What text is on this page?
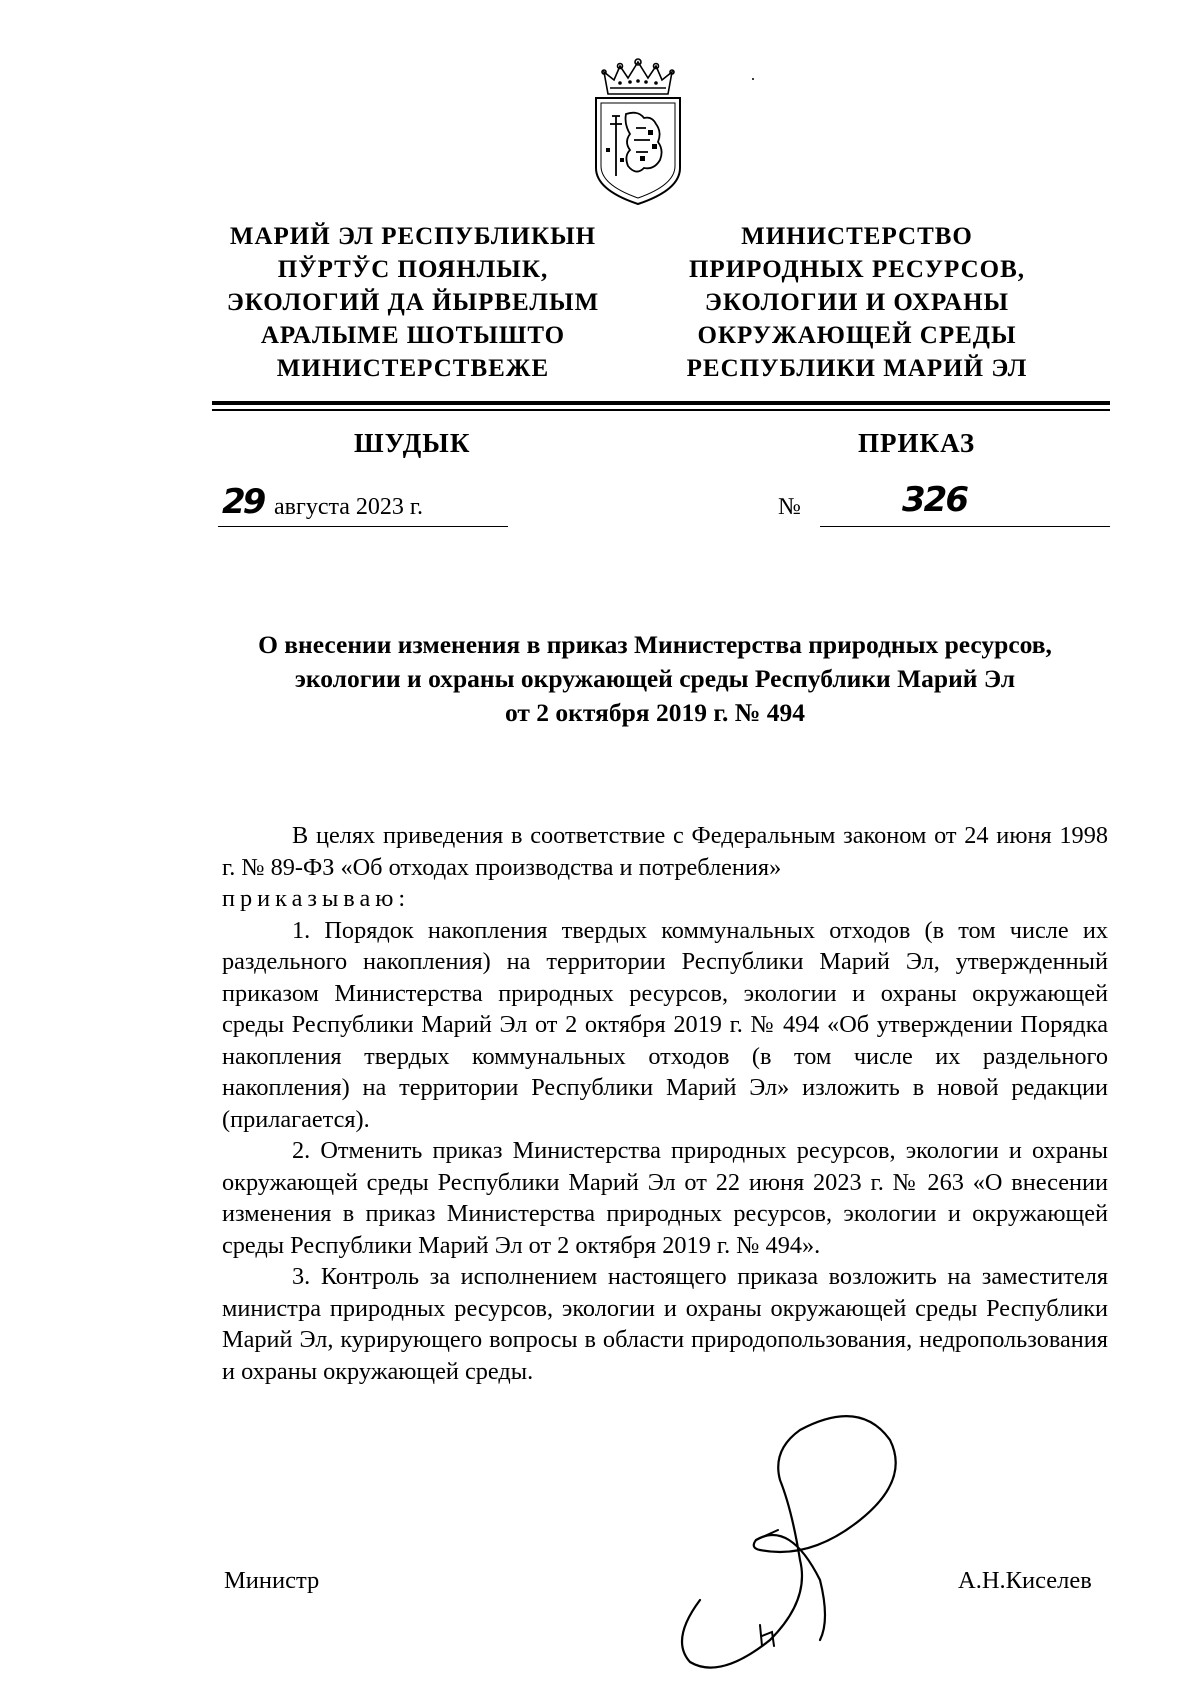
МАРИЙ ЭЛ РЕСПУБЛИКЫН
ПЎРТЎС ПОЯНЛЫК,
ЭКОЛОГИЙ ДА ЙЫРВЕЛЫМ
АРАЛЫМЕ ШОТЫШТО
МИНИСТЕРСТВЕЖЕ
МИНИСТЕРСТВО
ПРИРОДНЫХ РЕСУРСОВ,
ЭКОЛОГИИ И ОХРАНЫ
ОКРУЖАЮЩЕЙ СРЕДЫ
РЕСПУБЛИКИ МАРИЙ ЭЛ
ШУДЫК	ПРИКАЗ
29 августа 2023 г.	№	326
О внесении изменения в приказ Министерства природных ресурсов,
экологии и охраны окружающей среды Республики Марий Эл
от 2 октября 2019 г. № 494

В целях приведения в соответствие с Федеральным законом от 24 июня 1998 г. № 89-ФЗ «Об отходах производства и потребления»
приказываю:

1. Порядок накопления твердых коммунальных отходов (в том числе их раздельного накопления) на территории Республики Марий Эл, утвержденный приказом Министерства природных ресурсов, экологии и охраны окружающей среды Республики Марий Эл от 2 октября 2019 г. № 494 «Об утверждении Порядка накопления твердых коммунальных отходов (в том числе их раздельного накопления) на территории Республики Марий Эл» изложить в новой редакции (прилагается).

2. Отменить приказ Министерства природных ресурсов, экологии и охраны окружающей среды Республики Марий Эл от 22 июня 2023 г. № 263 «О внесении изменения в приказ Министерства природных ресурсов, экологии и окружающей среды Республики Марий Эл от 2 октября 2019 г. № 494».

3. Контроль за исполнением настоящего приказа возложить на заместителя министра природных ресурсов, экологии и охраны окружающей среды Республики Марий Эл, курирующего вопросы в области природопользования, недропользования и охраны окружающей среды.

Министр	А.Н.Киселев
